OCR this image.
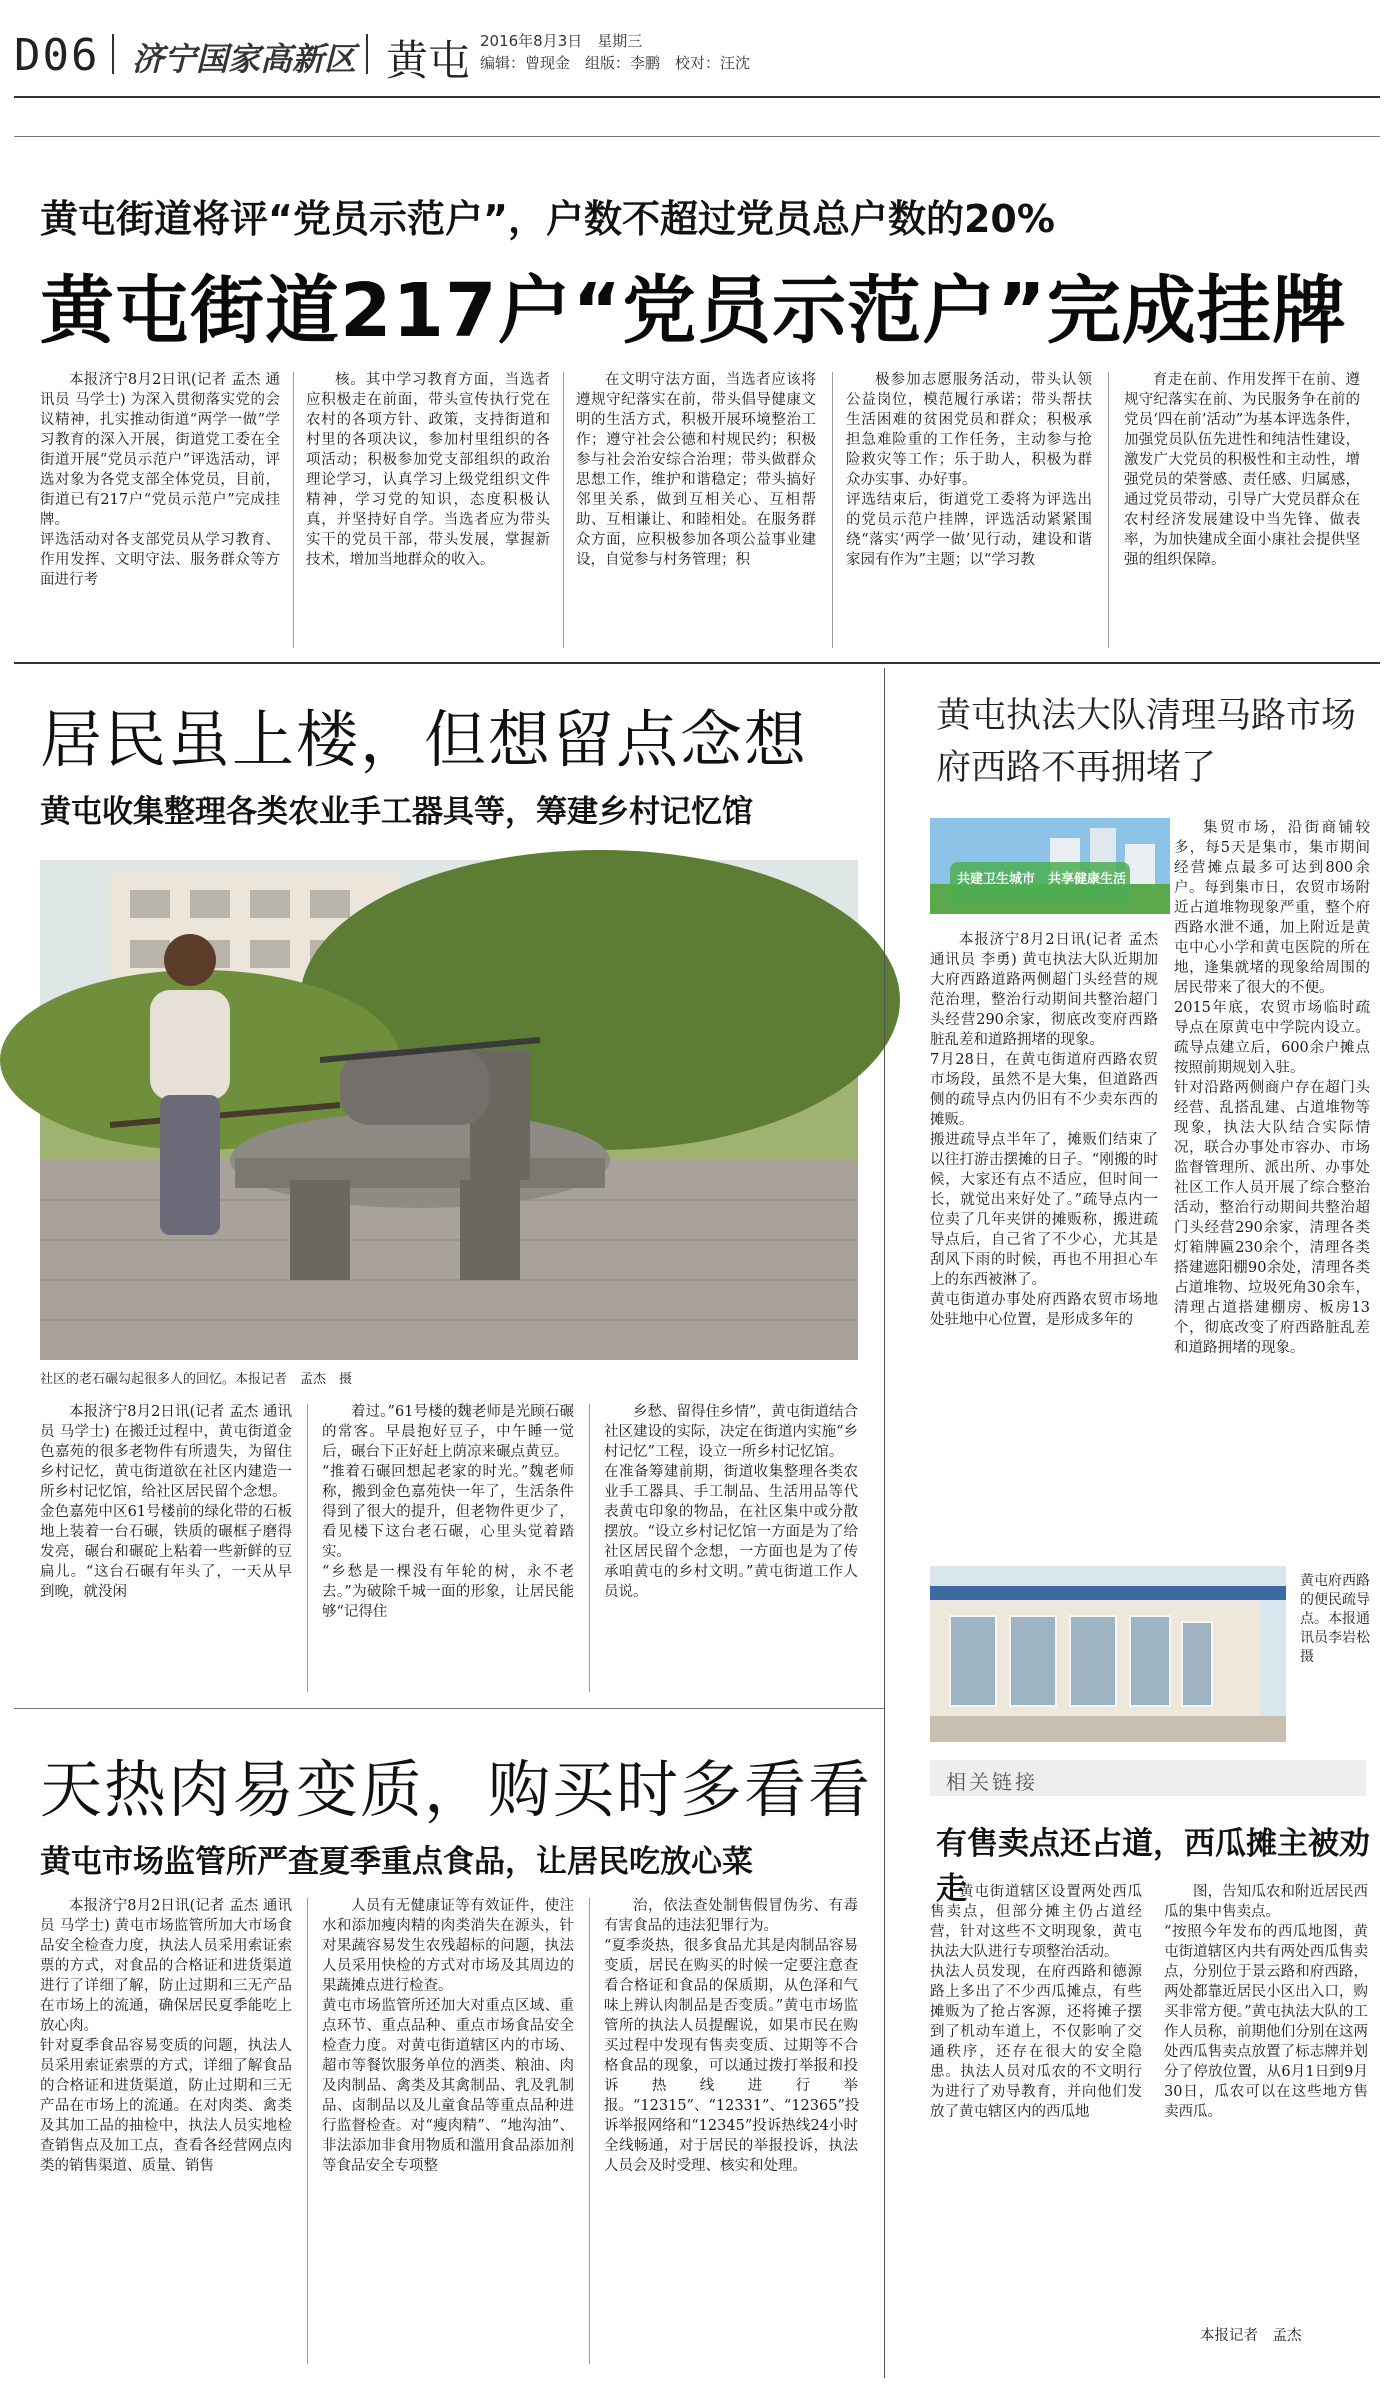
D06 济宁国家高新区 黄屯 2016年8月3日　星期三
编辑：曾现金　组版：李鹏　校对：汪沈
黄屯街道将评“党员示范户”，户数不超过党员总户数的20%
黄屯街道217户“党员示范户”完成挂牌
本报济宁8月2日讯(记者 孟杰 通讯员 马学士) 为深入贯彻落实党的会议精神，扎实推动街道“两学一做”学习教育的深入开展，街道党工委在全街道开展“党员示范户”评选活动，评选对象为各党支部全体党员，目前，街道已有217户“党员示范户”完成挂牌。
评选活动对各支部党员从学习教育、作用发挥、文明守法、服务群众等方面进行考
核。其中学习教育方面，当选者应积极走在前面，带头宣传执行党在农村的各项方针、政策，支持街道和村里的各项决议，参加村里组织的各项活动；积极参加党支部组织的政治理论学习，认真学习上级党组织文件精神，学习党的知识，态度积极认真，并坚持好自学。当选者应为带头实干的党员干部，带头发展，掌握新技术，增加当地群众的收入。
在文明守法方面，当选者应该将遵规守纪落实在前，带头倡导健康文明的生活方式，积极开展环境整治工作；遵守社会公德和村规民约；积极参与社会治安综合治理；带头做群众思想工作，维护和谐稳定；带头搞好邻里关系，做到互相关心、互相帮助、互相谦让、和睦相处。在服务群众方面，应积极参加各项公益事业建设，自觉参与村务管理；积
极参加志愿服务活动，带头认领公益岗位，模范履行承诺；带头帮扶生活困难的贫困党员和群众；积极承担急难险重的工作任务，主动参与抢险救灾等工作；乐于助人，积极为群众办实事、办好事。
评选结束后，街道党工委将为评选出的党员示范户挂牌，评选活动紧紧围绕“落实‘两学一做’见行动，建设和谐家园有作为”主题；以“学习教
育走在前、作用发挥干在前、遵规守纪落实在前、为民服务争在前的党员‘四在前’活动”为基本评选条件，加强党员队伍先进性和纯洁性建设，激发广大党员的积极性和主动性，增强党员的荣誉感、责任感、归属感，通过党员带动，引导广大党员群众在农村经济发展建设中当先锋、做表率，为加快建成全面小康社会提供坚强的组织保障。
居民虽上楼，但想留点念想
黄屯收集整理各类农业手工器具等，筹建乡村记忆馆
社区的老石碾勾起很多人的回忆。本报记者　孟杰　摄
本报济宁8月2日讯(记者 孟杰 通讯员 马学士) 在搬迁过程中，黄屯街道金色嘉苑的很多老物件有所遗失，为留住乡村记忆，黄屯街道欲在社区内建造一所乡村记忆馆，给社区居民留个念想。
金色嘉苑中区61号楼前的绿化带的石板地上装着一台石碾，铁质的碾框子磨得发亮，碾台和碾砣上粘着一些新鲜的豆扁儿。“这台石碾有年头了，一天从早到晚，就没闲
着过。”61号楼的魏老师是光顾石碾的常客。早晨抱好豆子，中午睡一觉后，碾台下正好赶上荫凉来碾点黄豆。
“推着石碾回想起老家的时光。”魏老师称，搬到金色嘉苑快一年了，生活条件得到了很大的提升，但老物件更少了，看见楼下这台老石碾，心里头觉着踏实。
“乡愁是一棵没有年轮的树，永不老去。”为破除千城一面的形象，让居民能够“记得住
乡愁、留得住乡情”，黄屯街道结合社区建设的实际，决定在街道内实施“乡村记忆”工程，设立一所乡村记忆馆。
在准备筹建前期，街道收集整理各类农业手工器具、手工制品、生活用品等代表黄屯印象的物品，在社区集中或分散摆放。“设立乡村记忆馆一方面是为了给社区居民留个念想，一方面也是为了传承咱黄屯的乡村文明。”黄屯街道工作人员说。
天热肉易变质，购买时多看看
黄屯市场监管所严查夏季重点食品，让居民吃放心菜
本报济宁8月2日讯(记者 孟杰 通讯员 马学士) 黄屯市场监管所加大市场食品安全检查力度，执法人员采用索证索票的方式，对食品的合格证和进货渠道进行了详细了解，防止过期和三无产品在市场上的流通，确保居民夏季能吃上放心肉。
针对夏季食品容易变质的问题，执法人员采用索证索票的方式，详细了解食品的合格证和进货渠道，防止过期和三无产品在市场上的流通。在对肉类、禽类及其加工品的抽检中，执法人员实地检查销售点及加工点，查看各经营网点肉类的销售渠道、质量、销售
人员有无健康证等有效证件，使注水和添加瘦肉精的肉类消失在源头，针对果蔬容易发生农残超标的问题，执法人员采用快检的方式对市场及其周边的果蔬摊点进行检查。
黄屯市场监管所还加大对重点区域、重点环节、重点品种、重点市场食品安全检查力度。对黄屯街道辖区内的市场、超市等餐饮服务单位的酒类、粮油、肉及肉制品、禽类及其禽制品、乳及乳制品、卤制品以及儿童食品等重点品种进行监督检查。对“瘦肉精”、“地沟油”、非法添加非食用物质和滥用食品添加剂等食品安全专项整
治，依法查处制售假冒伪劣、有毒有害食品的违法犯罪行为。
“夏季炎热，很多食品尤其是肉制品容易变质，居民在购买的时候一定要注意查看合格证和食品的保质期，从色泽和气味上辨认肉制品是否变质。”黄屯市场监管所的执法人员提醒说，如果市民在购买过程中发现有售卖变质、过期等不合格食品的现象，可以通过拨打举报和投诉热线进行举报。“12315”、“12331”、“12365”投诉举报网络和“12345”投诉热线24小时全线畅通，对于居民的举报投诉，执法人员会及时受理、核实和处理。
黄屯执法大队清理马路市场
府西路不再拥堵了
共建卫生城市　共享健康生活
本报济宁8月2日讯(记者 孟杰 通讯员 李勇) 黄屯执法大队近期加大府西路道路两侧超门头经营的规范治理，整治行动期间共整治超门头经营290余家，彻底改变府西路脏乱差和道路拥堵的现象。
7月28日，在黄屯街道府西路农贸市场段，虽然不是大集，但道路西侧的疏导点内仍旧有不少卖东西的摊贩。
搬进疏导点半年了，摊贩们结束了以往打游击摆摊的日子。“刚搬的时候，大家还有点不适应，但时间一长，就觉出来好处了。”疏导点内一位卖了几年夹饼的摊贩称，搬进疏导点后，自己省了不少心，尤其是刮风下雨的时候，再也不用担心车上的东西被淋了。
黄屯街道办事处府西路农贸市场地处驻地中心位置，是形成多年的
集贸市场，沿街商铺较多，每5天是集市，集市期间经营摊点最多可达到800余户。每到集市日，农贸市场附近占道堆物现象严重，整个府西路水泄不通，加上附近是黄屯中心小学和黄屯医院的所在地，逢集就堵的现象给周围的居民带来了很大的不便。
2015年底，农贸市场临时疏导点在原黄屯中学院内设立。疏导点建立后，600余户摊点按照前期规划入驻。
针对沿路两侧商户存在超门头经营、乱搭乱建、占道堆物等现象，执法大队结合实际情况，联合办事处市容办、市场监督管理所、派出所、办事处社区工作人员开展了综合整治活动，整治行动期间共整治超门头经营290余家，清理各类灯箱牌匾230余个，清理各类搭建遮阳棚90余处，清理各类占道堆物、垃圾死角30余车，清理占道搭建棚房、板房13个，彻底改变了府西路脏乱差和道路拥堵的现象。
黄屯府西路的便民疏导点。本报通讯员李岩松摄
相关链接
有售卖点还占道，西瓜摊主被劝走
黄屯街道辖区设置两处西瓜售卖点，但部分摊主仍占道经营，针对这些不文明现象，黄屯执法大队进行专项整治活动。
执法人员发现，在府西路和德源路上多出了不少西瓜摊点，有些摊贩为了抢占客源，还将摊子摆到了机动车道上，不仅影响了交通秩序，还存在很大的安全隐患。执法人员对瓜农的不文明行为进行了劝导教育，并向他们发放了黄屯辖区内的西瓜地
图，告知瓜农和附近居民西瓜的集中售卖点。
“按照今年发布的西瓜地图，黄屯街道辖区内共有两处西瓜售卖点，分别位于景云路和府西路，两处都靠近居民小区出入口，购买非常方便。”黄屯执法大队的工作人员称，前期他们分别在这两处西瓜售卖点放置了标志牌并划分了停放位置，从6月1日到9月30日，瓜农可以在这些地方售卖西瓜。
本报记者　孟杰
